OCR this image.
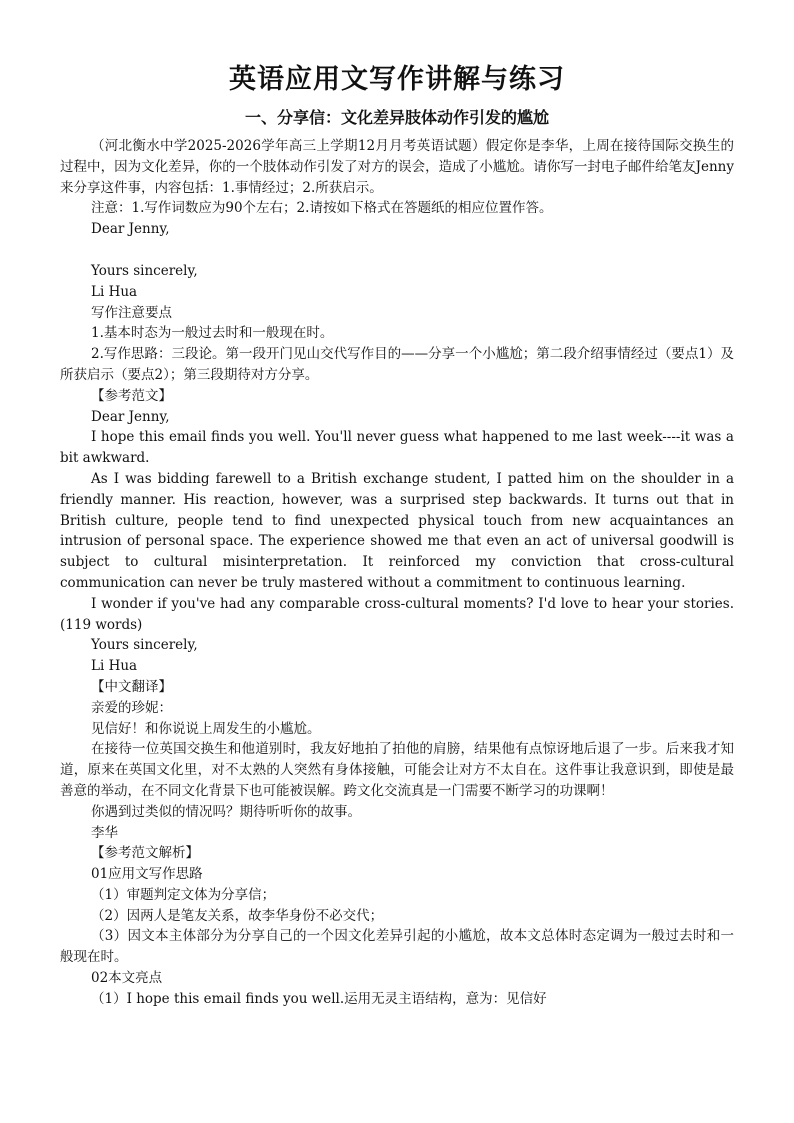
英语应用文写作讲解与练习
一、分享信：文化差异肢体动作引发的尴尬

（河北衡水中学2025-2026学年高三上学期12月月考英语试题）假定你是李华，上周在接待国际交换生的过程中，因为文化差异，你的一个肢体动作引发了对方的误会，造成了小尴尬。请你写一封电子邮件给笔友Jenny来分享这件事，内容包括：1.事情经过；2.所获启示。

注意：1.写作词数应为90个左右；2.请按如下格式在答题纸的相应位置作答。

Dear Jenny,

Yours sincerely,

Li Hua

写作注意要点

1.基本时态为一般过去时和一般现在时。

2.写作思路：三段论。第一段开门见山交代写作目的——分享一个小尴尬；第二段介绍事情经过（要点1）及所获启示（要点2）；第三段期待对方分享。

【参考范文】

Dear Jenny,

I hope this email finds you well. You'll never guess what happened to me last week----it was a bit awkward.

As I was bidding farewell to a British exchange student, I patted him on the shoulder in a friendly manner. His reaction, however, was a surprised step backwards. It turns out that in British culture, people tend to find unexpected physical touch from new acquaintances an intrusion of personal space. The experience showed me that even an act of universal goodwill is subject to cultural misinterpretation. It reinforced my conviction that cross-cultural communication can never be truly mastered without a commitment to continuous learning.

I wonder if you've had any comparable cross-cultural moments? I'd love to hear your stories. (119 words)

Yours sincerely,

Li Hua

【中文翻译】

亲爱的珍妮：

见信好！和你说说上周发生的小尴尬。

在接待一位英国交换生和他道别时，我友好地拍了拍他的肩膀，结果他有点惊讶地后退了一步。后来我才知道，原来在英国文化里，对不太熟的人突然有身体接触，可能会让对方不太自在。这件事让我意识到，即使是最善意的举动，在不同文化背景下也可能被误解。跨文化交流真是一门需要不断学习的功课啊！

你遇到过类似的情况吗？期待听听你的故事。

李华

【参考范文解析】

01应用文写作思路

（1）审题判定文体为分享信；

（2）因两人是笔友关系，故李华身份不必交代；

（3）因文本主体部分为分享自己的一个因文化差异引起的小尴尬，故本文总体时态定调为一般过去时和一般现在时。

02本文亮点

（1）I hope this email finds you well.运用无灵主语结构，意为：见信好
